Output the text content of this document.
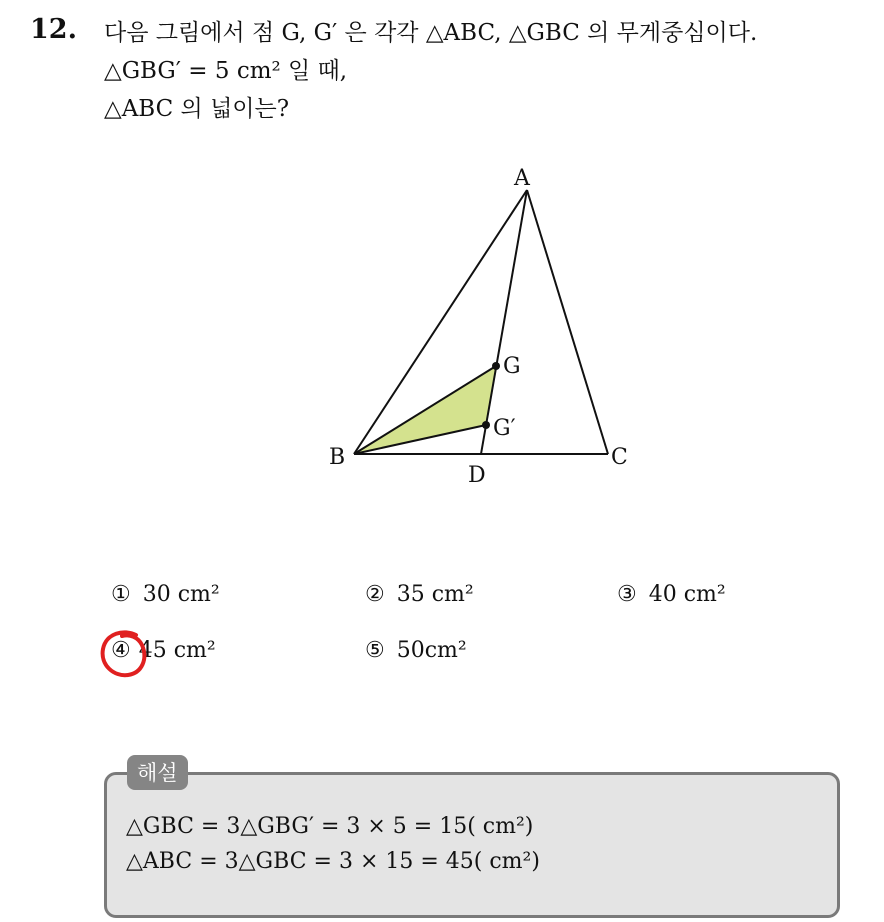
12. 다음 그림에서 점 G, G′ 은 각각 △ABC, △GBC 의 무게중심이다.
△GBG′ = 5 cm² 일 때,
△ABC 의 넓이는?
A
B	C
D
G
G′
① 30 cm²	② 35 cm²	③ 40 cm²
④ 45 cm²	⑤ 50cm²
해설
△GBC = 3△GBG′ = 3 × 5 = 15( cm²)
△ABC = 3△GBC = 3 × 15 = 45( cm²)
